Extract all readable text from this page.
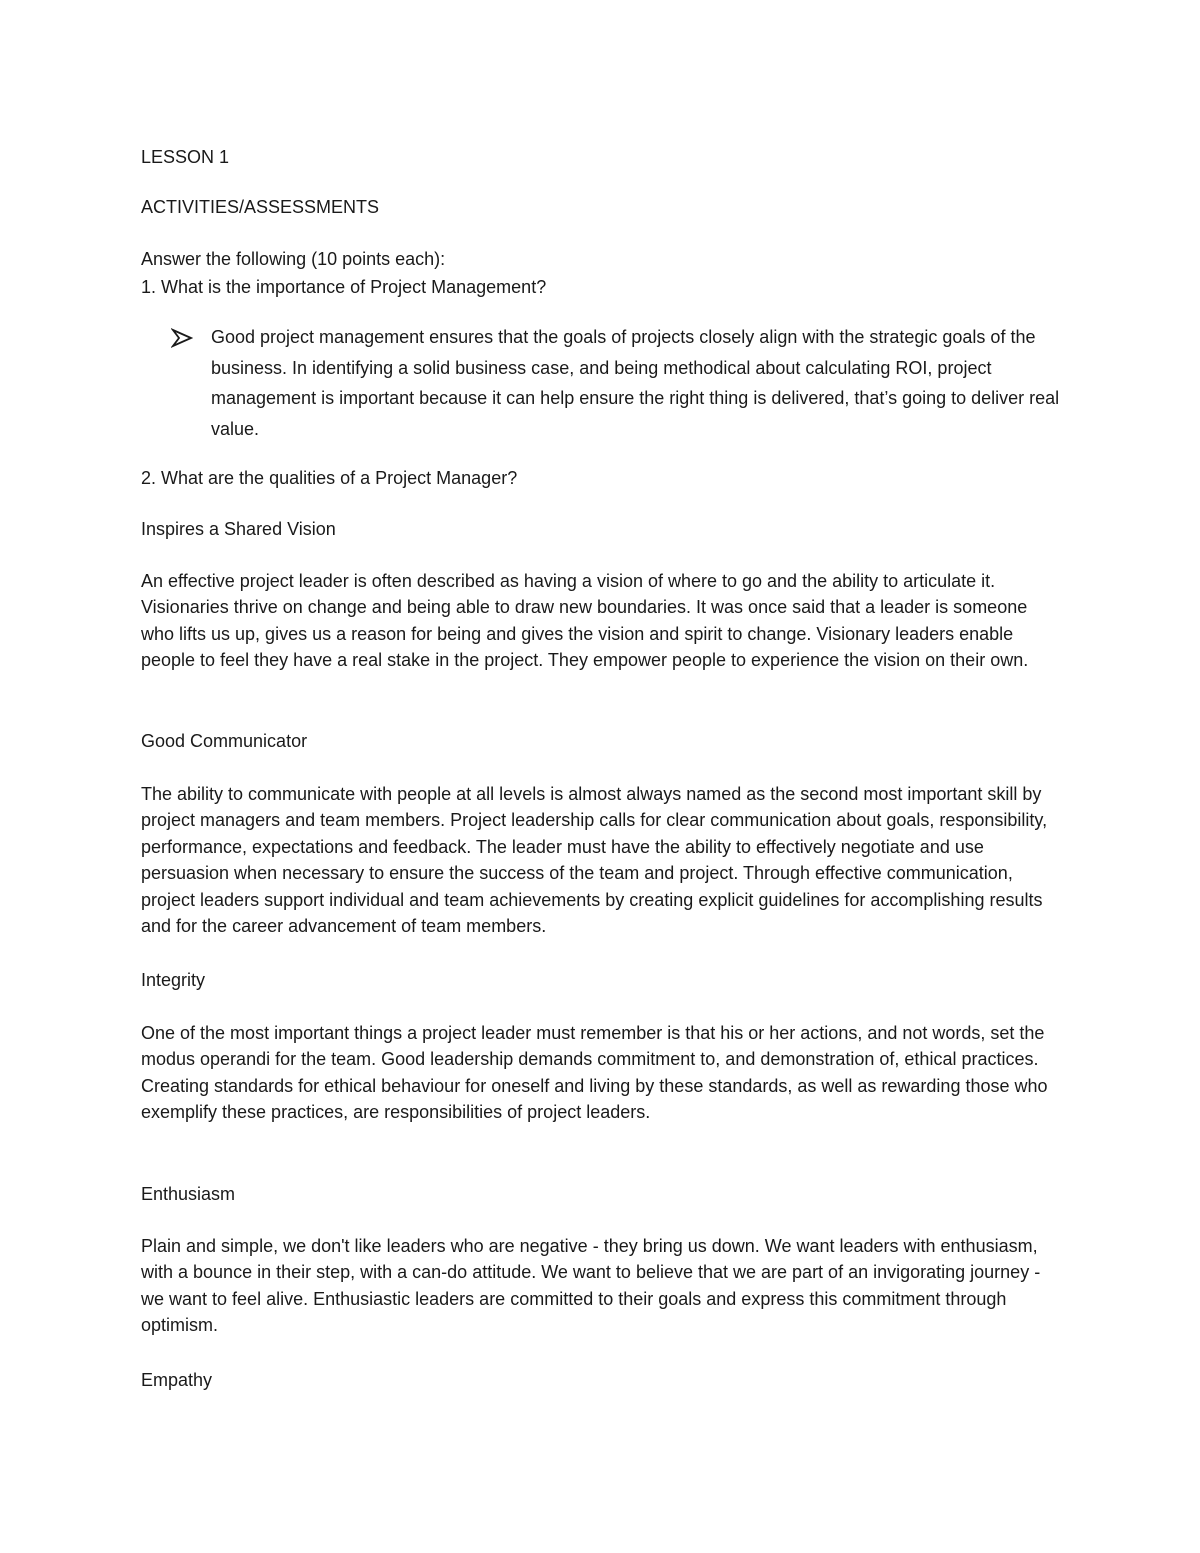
LESSON 1
ACTIVITIES/ASSESSMENTS
Answer the following (10 points each):
1. What is the importance of Project Management?

Good project management ensures that the goals of projects closely align with the strategic goals of the business. In identifying a solid business case, and being methodical about calculating ROI, project management is important because it can help ensure the right thing is delivered, that’s going to deliver real value.

2. What are the qualities of a Project Manager?
Inspires a Shared Vision

An effective project leader is often described as having a vision of where to go and the ability to articulate it. Visionaries thrive on change and being able to draw new boundaries. It was once said that a leader is someone who lifts us up, gives us a reason for being and gives the vision and spirit to change. Visionary leaders enable people to feel they have a real stake in the project. They empower people to experience the vision on their own.

Good Communicator

The ability to communicate with people at all levels is almost always named as the second most important skill by project managers and team members. Project leadership calls for clear communication about goals, responsibility, performance, expectations and feedback. The leader must have the ability to effectively negotiate and use persuasion when necessary to ensure the success of the team and project. Through effective communication, project leaders support individual and team achievements by creating explicit guidelines for accomplishing results and for the career advancement of team members.

Integrity

One of the most important things a project leader must remember is that his or her actions, and not words, set the modus operandi for the team. Good leadership demands commitment to, and demonstration of, ethical practices. Creating standards for ethical behaviour for oneself and living by these standards, as well as rewarding those who exemplify these practices, are responsibilities of project leaders.

Enthusiasm

Plain and simple, we don't like leaders who are negative - they bring us down. We want leaders with enthusiasm, with a bounce in their step, with a can-do attitude. We want to believe that we are part of an invigorating journey - we want to feel alive. Enthusiastic leaders are committed to their goals and express this commitment through optimism.

Empathy
